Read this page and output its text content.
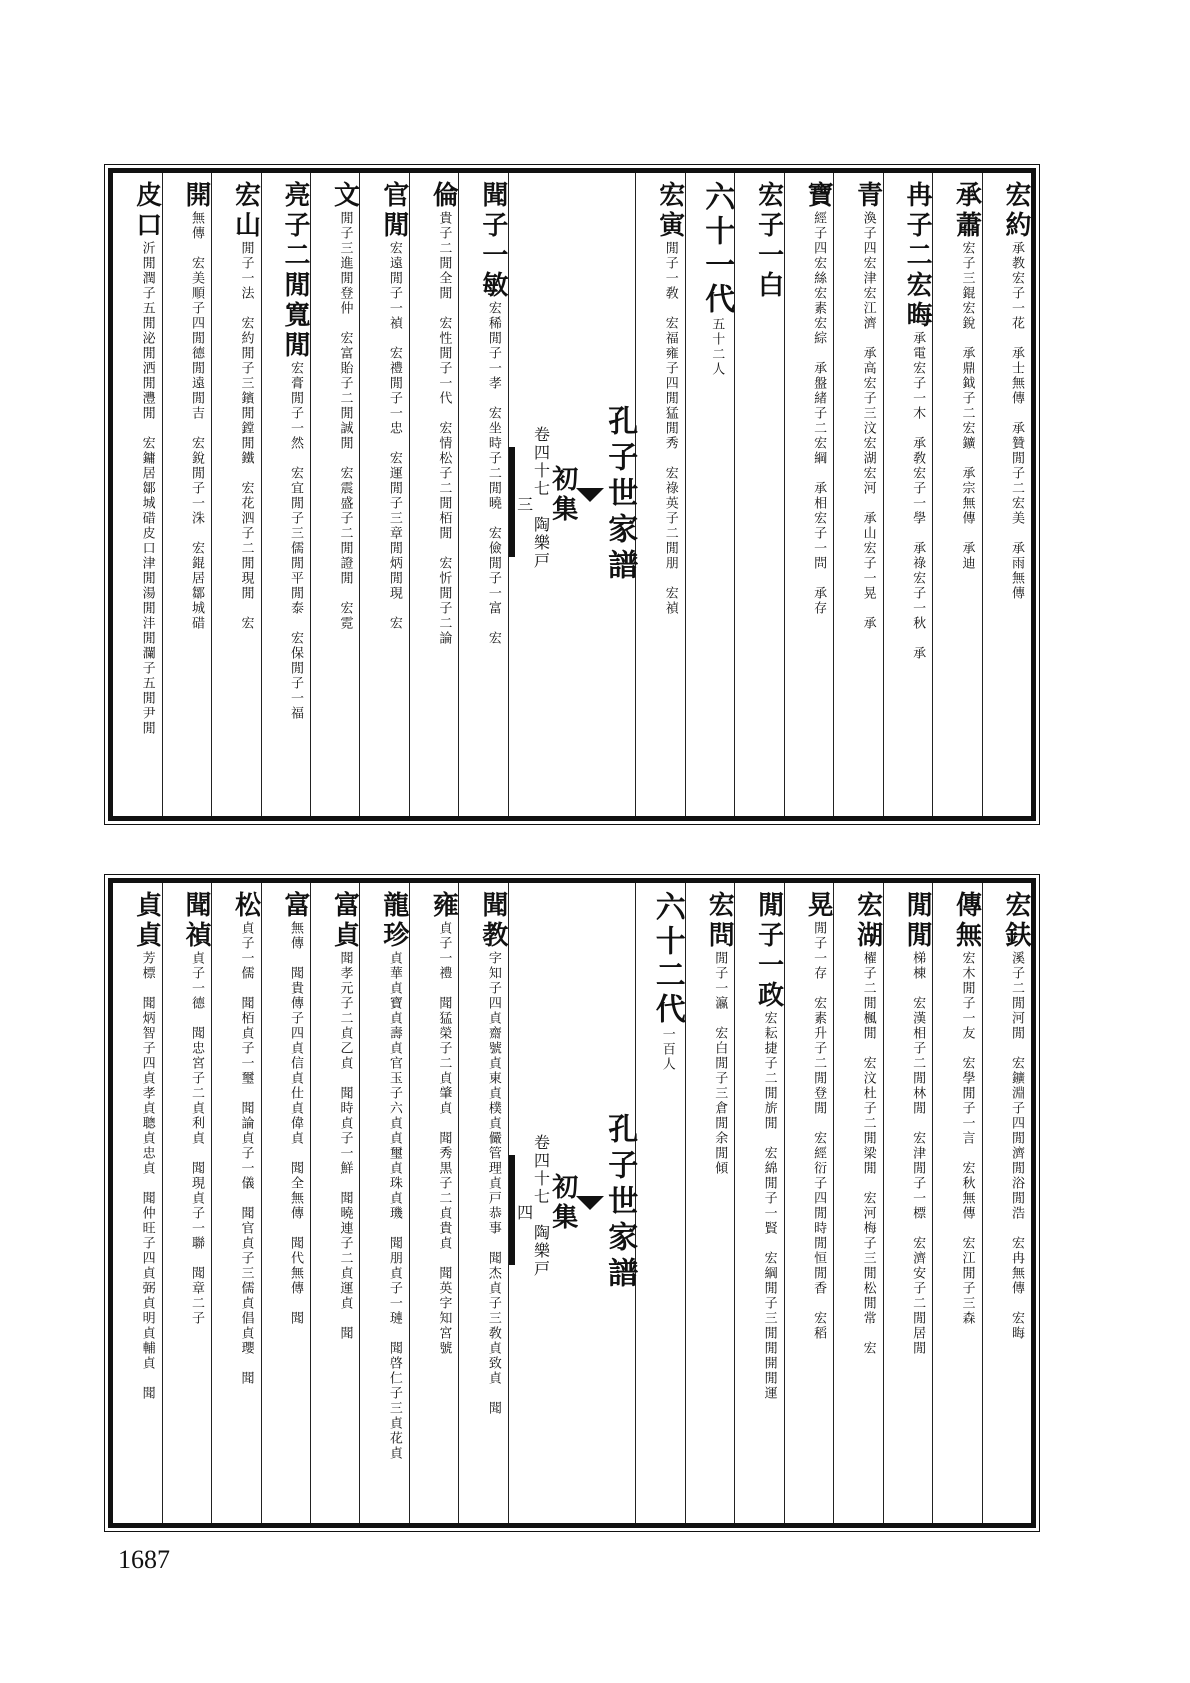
宏約承教宏子一花　承士無傳　承贊閒子二宏美　承雨無傳
承蕭宏子三錕宏銳　承鼎鉞子二宏鑛　承宗無傳　承迪
冉子二宏晦承電宏子一木　承敎宏子一學　承祿宏子一秋　承
青渙子四宏津宏江濟　承高宏子三汶宏湖宏河　承山宏子一晃　承
寶經子四宏絲宏素宏綜　承盤緒子二宏綱　承相宏子一問　承存
宏子一白
六十一代五十二人
宏寅閒子一敎　宏福雍子四閒猛閒秀　宏祿英子二閒朋　宏禎
孔子世家譜
初集
卷四十七　陶樂戸
三
聞子一敏宏稀閒子一孝　宏坐時子二閒曉　宏儉閒子一富　宏
倫貴子二閒全閒　宏性閒子一代　宏情松子二閒栢閒　宏忻閒子二論
官閒宏遠閒子一禎　宏禮閒子一忠　宏運閒子三章閒炳閒現　宏
文閒子三進閒登仲　宏富貽子二閒誠閒　宏震盛子二閒證閒　宏霓
亮子二閒寬閒宏膏閒子一然　宏宜閒子三儒閒平閒泰　宏保閒子一福
宏山閒子一法　宏約閒子三鑌閒鏜閒鐵　宏花泗子二閒現閒　宏
開無傳　宏美順子四閒德閒遠閒吉　宏銳閒子一洙　宏錕居鄒城碏
皮口沂閒潤子五閒泌閒洒閒灃閒　宏鏞居鄒城碏皮口津閒湯閒沣閒瀾子五閒尹閒
宏鈇溪子二閒河閒　宏鑛淵子四閒濟閒浴閒浩　宏冉無傳　宏晦
傳無宏木閒子一友　宏學閒子一言　宏秋無傳　宏江閒子三森
閒閒梯棟　宏漢相子二閒林閒　宏津閒子一標　宏濟安子二閒居閒
宏湖櫂子二閒楓閒　宏汶杜子二閒梁閒　宏河梅子三閒松閒常　宏
晃閒子一存　宏素升子二閒登閒　宏經衍子四閒時閒恒閒香　宏稻
閒子一政宏耘捷子二閒旂閒　宏綿閒子一賢　宏綱閒子三閒閒開閒運
宏問閒子一瀛　宏白閒子三倉閒余閒傾
六十二代一百人
孔子世家譜
初集
卷四十七　陶樂戸
四
聞教字知子四貞齋號貞東貞樸貞儼管理貞戸恭事　聞杰貞子三敎貞致貞　聞
雍貞子一禮　聞猛榮子二貞肇貞　聞秀黒子二貞貴貞　聞英字知宮號
龍珍貞華貞寶貞壽貞官玉子六貞貞璽貞珠貞璣　聞朋貞子一璉　聞啓仁子三貞花貞
富貞聞孝元子二貞乙貞　聞時貞子一鮮　聞曉連子二貞運貞　聞
富無傳　聞貴傳子四貞信貞仕貞偉貞　聞全無傳　聞代無傳　聞
松貞子一儒　聞栢貞子一璽　聞論貞子一儀　聞官貞子三儒貞倡貞瓔　聞
聞禎貞子一德　聞忠宮子二貞利貞　聞現貞子一聯　聞章二子
貞貞芳標　聞炳智子四貞孝貞聰貞忠貞　聞仲旺子四貞弼貞明貞輔貞　聞
1687
